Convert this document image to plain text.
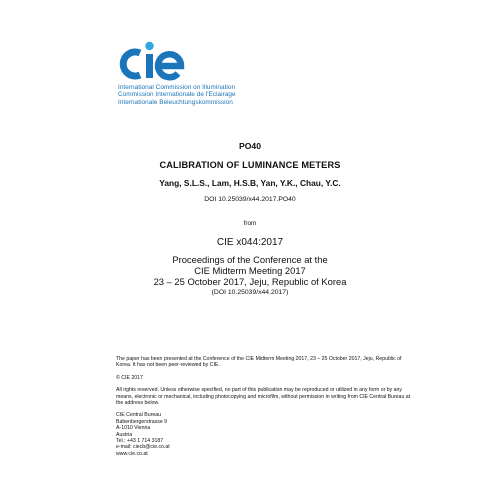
International Commission on Illumination
Commission Internationale de l'Eclairage
Internationale Beleuchtungskommission
PO40
CALIBRATION OF LUMINANCE METERS
Yang, S.L.S., Lam, H.S.B, Yan, Y.K., Chau, Y.C.
DOI 10.25039/x44.2017.PO40
from
CIE x044:2017
Proceedings of the Conference at the
CIE Midterm Meeting 2017
23 – 25 October 2017, Jeju, Republic of Korea
(DOI 10.25039/x44.2017)

The paper has been presented at the Conference of the CIE Midterm Meeting 2017, 23 – 25 October 2017, Jeju, Republic of Korea. It has not been peer-reviewed by CIE.

© CIE 2017

All rights reserved. Unless otherwise specified, no part of this publication may be reproduced or utilized in any form or by any means, electronic or mechanical, including photocopying and microfilm, without permission in writing from CIE Central Bureau at the address below.

CIE Central Bureau
Babenbergerstrasse 9
A-1010 Vienna
Austria
Tel.: +43 1 714 3187
e-mail: ciecb@cie.co.at
www.cie.co.at
